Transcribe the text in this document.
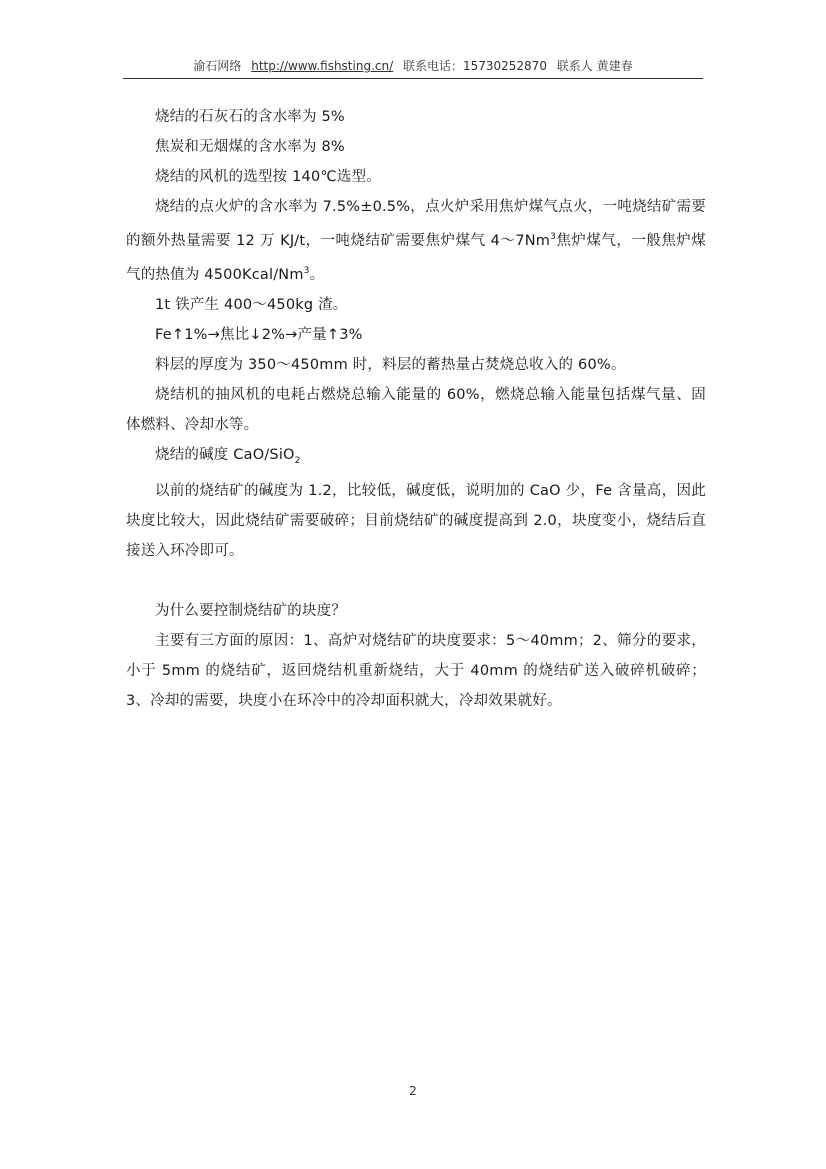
渝石网络 http://www.fishsting.cn/ 联系电话：15730252870 联系人 黄建春

烧结的石灰石的含水率为 5%

焦炭和无烟煤的含水率为 8%

烧结的风机的选型按 140℃选型。

烧结的点火炉的含水率为 7.5%±0.5%，点火炉采用焦炉煤气点火，一吨烧结矿需要的额外热量需要 12 万 KJ/t，一吨烧结矿需要焦炉煤气 4～7Nm$^3$焦炉煤气，一般焦炉煤气的热值为 4500Kcal/Nm$^3$。

1t 铁产生 400～450kg 渣。

Fe↑1%→焦比↓2%→产量↑3%

料层的厚度为 350～450mm 时，料层的蓄热量占焚烧总收入的 60%。

烧结机的抽风机的电耗占燃烧总输入能量的 60%，燃烧总输入能量包括煤气量、固体燃料、冷却水等。

烧结的碱度 CaO/SiO$_2$

以前的烧结矿的碱度为 1.2，比较低，碱度低，说明加的 CaO 少，Fe 含量高，因此块度比较大，因此烧结矿需要破碎；目前烧结矿的碱度提高到 2.0，块度变小，烧结后直接送入环冷即可。

为什么要控制烧结矿的块度？

主要有三方面的原因：1、高炉对烧结矿的块度要求：5～40mm；2、筛分的要求，小于 5mm 的烧结矿，返回烧结机重新烧结，大于 40mm 的烧结矿送入破碎机破碎；3、冷却的需要，块度小在环冷中的冷却面积就大，冷却效果就好。

2
